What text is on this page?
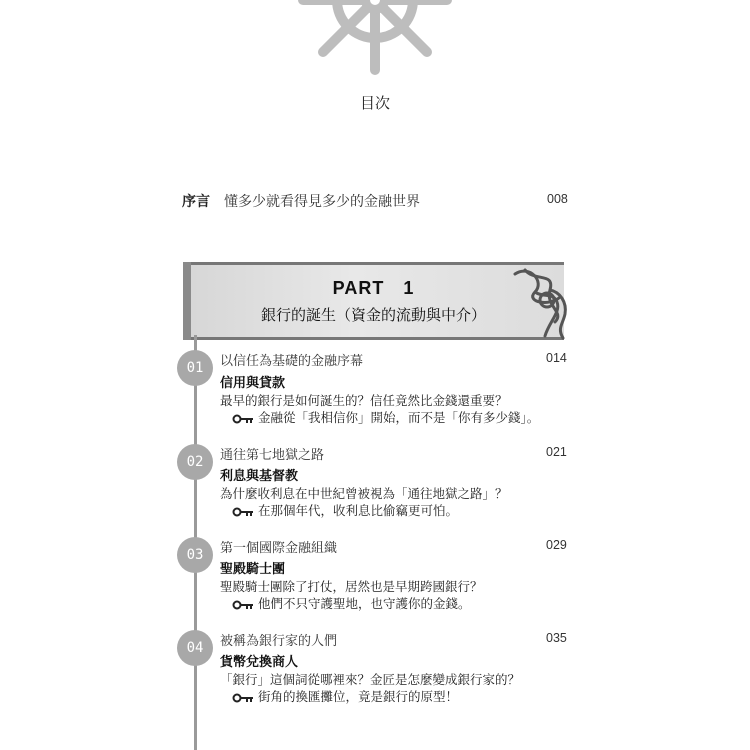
目次
序言 懂多少就看得見多少的金融世界	008
PART　1
銀行的誕生（資金的流動與中介）
01	以信任為基礎的金融序幕	014
信用與貸款
最早的銀行是如何誕生的？信任竟然比金錢還重要？
金融從「我相信你」開始，而不是「你有多少錢」。
02	通往第七地獄之路	021
利息與基督教
為什麼收利息在中世紀曾被視為「通往地獄之路」？
在那個年代，收利息比偷竊更可怕。
03	第一個國際金融組織	029
聖殿騎士團
聖殿騎士團除了打仗，居然也是早期跨國銀行？
他們不只守護聖地，也守護你的金錢。
04	被稱為銀行家的人們	035
貨幣兌換商人
「銀行」這個詞從哪裡來？金匠是怎麼變成銀行家的？
街角的換匯攤位，竟是銀行的原型！
